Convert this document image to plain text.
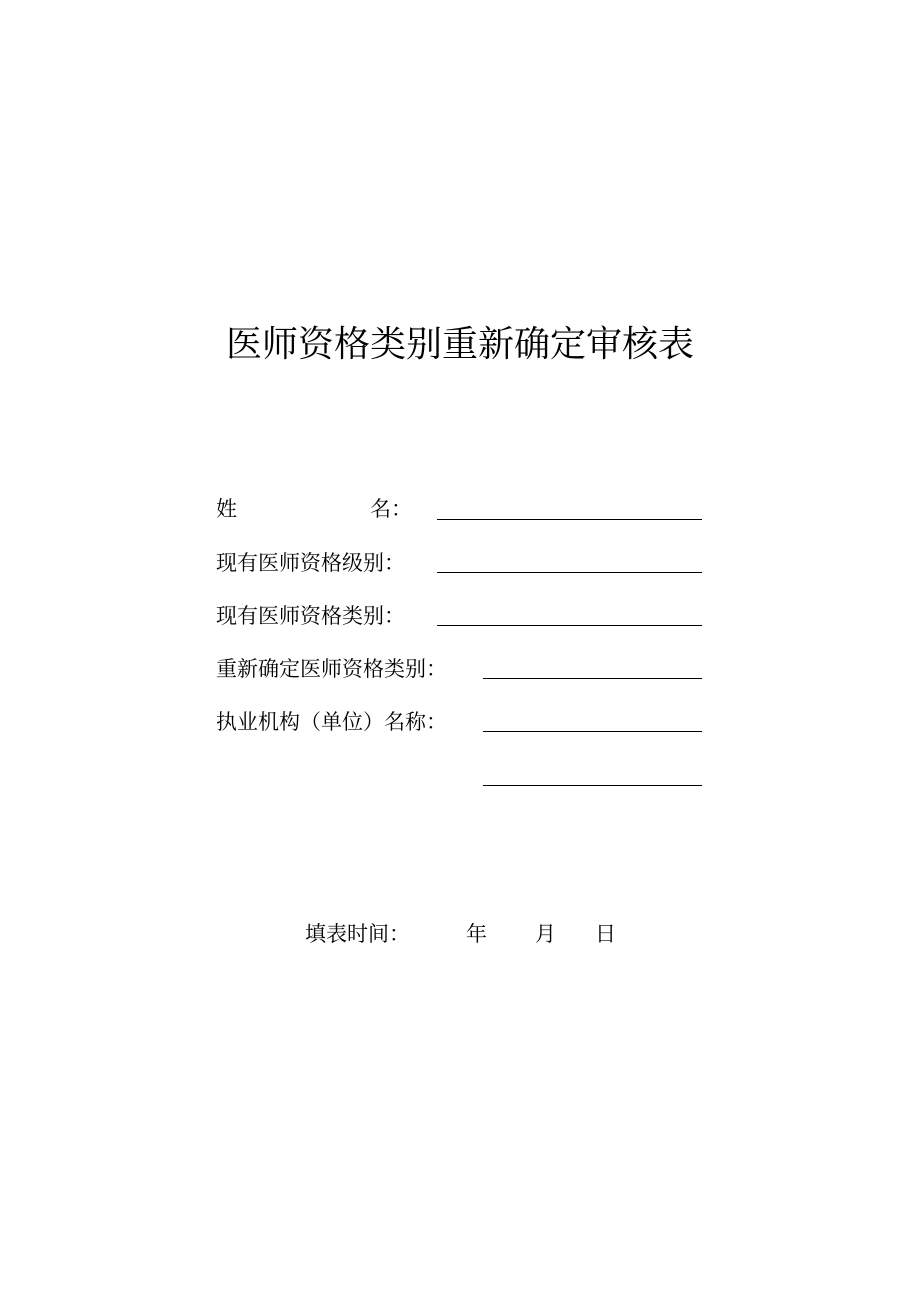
医师资格类别重新确定审核表
姓	名：
现有医师资格级别：
现有医师资格类别：
重新确定医师资格类别：
执业机构（单位）名称：
填表时间：	年 月 日
